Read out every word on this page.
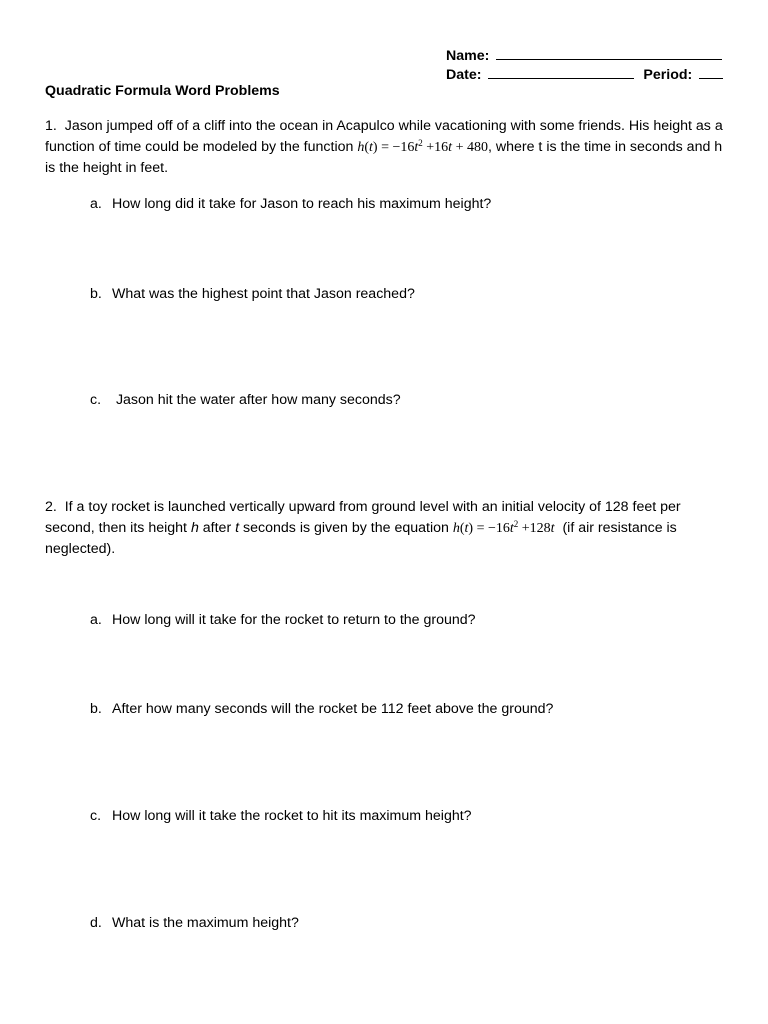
Name:
Date:	Period:
Quadratic Formula Word Problems
1. Jason jumped off of a cliff into the ocean in Acapulco while vacationing with some friends. His height as a function of time could be modeled by the function $h(t) = -16t^2 +16t + 480$, where t is the time in seconds and h is the height in feet.
a. How long did it take for Jason to reach his maximum height?
b. What was the highest point that Jason reached?
c. Jason hit the water after how many seconds?
2. If a toy rocket is launched vertically upward from ground level with an initial velocity of 128 feet per second, then its height h after t seconds is given by the equation $h(t) = -16t^2 +128t$ (if air resistance is neglected).
a. How long will it take for the rocket to return to the ground?
b. After how many seconds will the rocket be 112 feet above the ground?
c. How long will it take the rocket to hit its maximum height?
d. What is the maximum height?
